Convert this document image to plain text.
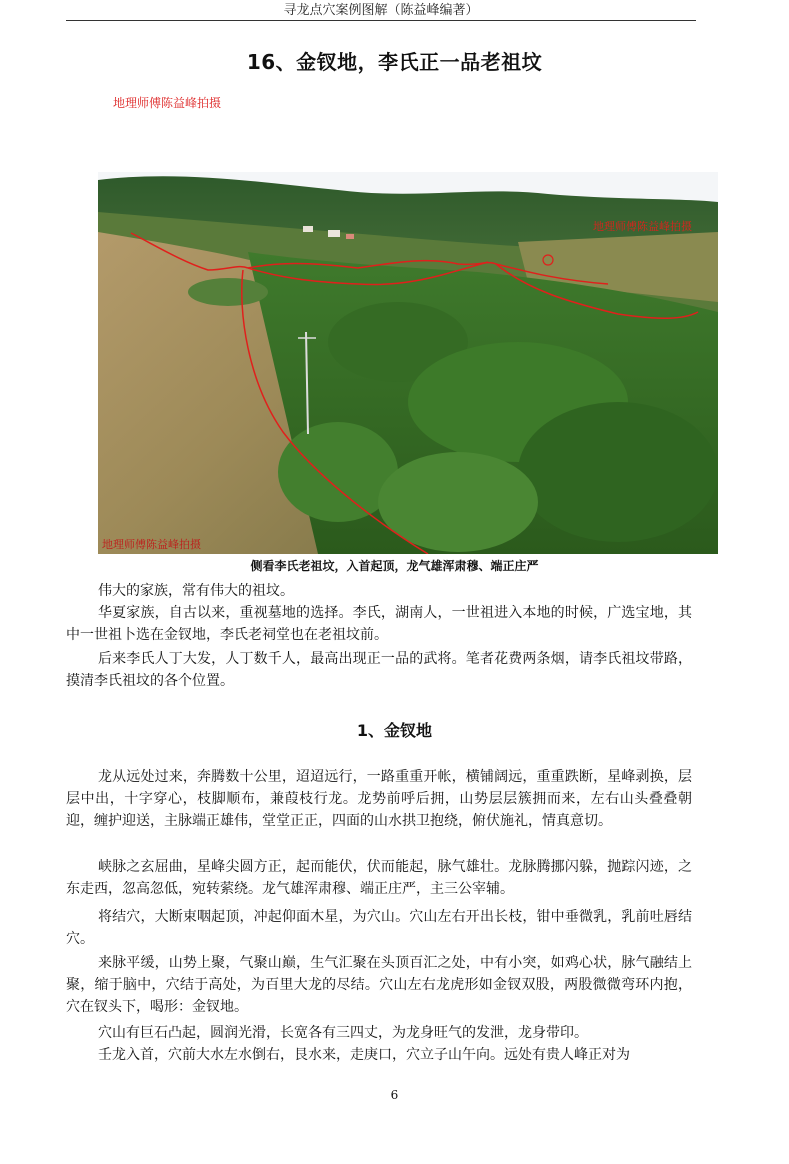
寻龙点穴案例图解（陈益峰编著）
16、金钗地，李氏正一品老祖坟
地理师傅陈益峰拍摄
地理师傅陈益峰拍摄
地理师傅陈益峰拍摄
侧看李氏老祖坟，入首起顶，龙气雄浑肃穆、端正庄严

伟大的家族，常有伟大的祖坟。

华夏家族，自古以来，重视墓地的选择。李氏，湖南人，一世祖进入本地的时候，广选宝地，其中一世祖卜选在金钗地，李氏老祠堂也在老祖坟前。

后来李氏人丁大发，人丁数千人，最高出现正一品的武将。笔者花费两条烟，请李氏祖坟带路，摸清李氏祖坟的各个位置。

1、金钗地

龙从远处过来，奔腾数十公里，迢迢远行，一路重重开帐，横铺阔远，重重跌断，星峰剥换，层层中出，十字穿心，枝脚顺布，兼葭枝行龙。龙势前呼后拥，山势层层簇拥而来，左右山头叠叠朝迎，缠护迎送，主脉端正雄伟，堂堂正正，四面的山水拱卫抱绕，俯伏施礼，情真意切。

峡脉之玄屈曲，星峰尖圆方正，起而能伏，伏而能起，脉气雄壮。龙脉腾挪闪躲，抛踪闪迹，之东走西，忽高忽低，宛转萦绕。龙气雄浑肃穆、端正庄严，主三公宰辅。

将结穴，大断束咽起顶，冲起仰面木星，为穴山。穴山左右开出长枝，钳中垂微乳，乳前吐唇结穴。

来脉平缓，山势上聚，气聚山巅，生气汇聚在头顶百汇之处，中有小突，如鸡心状，脉气融结上聚，缩于脑中，穴结于高处，为百里大龙的尽结。穴山左右龙虎形如金钗双股，两股微微弯环内抱，穴在钗头下，喝形：金钗地。

穴山有巨石凸起，圆润光滑，长宽各有三四丈，为龙身旺气的发泄，龙身带印。

壬龙入首，穴前大水左水倒右，艮水来，走庚口，穴立子山午向。远处有贵人峰正对为

6
